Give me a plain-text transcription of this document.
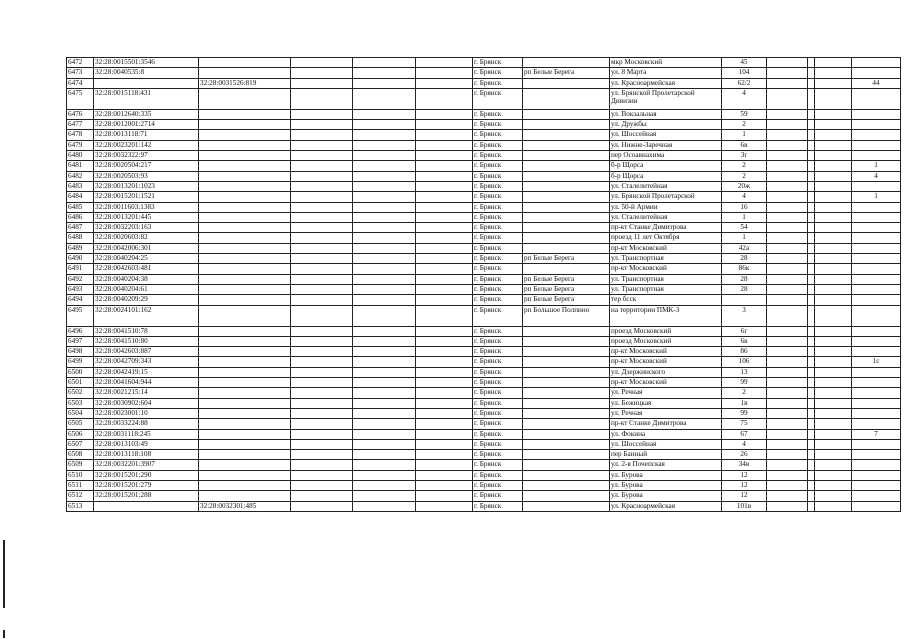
6472	32:28:0015501:3546					г. Брянск		мкр Московский	45				
6473	32:28:0040535:8					г. Брянск	рп Белые Берега	ул. 8 Марта	104				
6474		32:28:0031526:819				г. Брянск		ул. Красноармейская	62/2				44
6475	32:28:0015118:431					г. Брянск		ул. Брянской Пролетарской Дивизии	4				
6476	32:28:0012640:335					г. Брянск		ул. Вокзальная	59				
6477	32:28:0012001:2714					г. Брянск		ул. Дружбы	2				
6478	32:28:0013118:71					г. Брянск		ул. Шоссейная	1				
6479	32:28:0023201:142					г. Брянск		ул. Нижне-Заречная	6в				
6480	32:28:0032322:97					г. Брянск		пер Осоавиахима	3г				
6481	32:28:0020504:217					г. Брянск		б-р Щорса	2				1
6482	32:28:0020503:93					г. Брянск		б-р Щорса	2				4
6483	32:28:0013201:1023					г. Брянск		ул. Сталелитейная	20ж				
6484	32:28:0015201:1521					г. Брянск		ул. Брянской Пролетарской	4				1
6485	32:28:0011603:1383					г. Брянск		ул. 50-й Армии	16				
6486	32:28:0013201:445					г. Брянск		ул. Сталелитейная	1				
6487	32:28:0032203:163					г. Брянск		пр-кт Станке Димитрова	54				
6488	32:28:0020603:82					г. Брянск		проезд 11 лет Октября	1				
6489	32:28:0042006:301					г. Брянск		пр-кт Московский	42а				
6490	32:28:0040204:25					г. Брянск	рп Белые Берега	ул. Транспортная	28				
6491	32:28:0042603:481					г. Брянск		пр-кт Московский	86к				
6492	32:28:0040204:38					г. Брянск	рп Белые Берега	ул. Транспортная	28				
6493	32:28:0040204:61					г. Брянск	рп Белые Берега	ул. Транспортная	28				
6494	32:28:0040209:29					г. Брянск	рп Белые Берега	тер бсск					
6495	32:28:0024101:162					г. Брянск	рп Большое Полпино	на территории ПМК-3	3				
6496	32:28:0041510:78					г. Брянск		проезд Московский	6г				
6497	32:28:0041510:80					г. Брянск		проезд Московский	6в				
6498	32:28:0042603:887					г. Брянск		пр-кт Московский	86				
6499	32:28:0042709:343					г. Брянск		пр-кт Московский	106				1с
6500	32:28:0042419:15					г. Брянск		ул. Дзержинского	13				
6501	32:28:0041604:944					г. Брянск		пр-кт Московский	99				
6502	32:28:0021215:14					г. Брянск		ул. Речная	2				
6503	32:28:0030902:604					г. Брянск		ул. Бежицкая	1в				
6504	32:28:0023001:10					г. Брянск		ул. Речная	99				
6505	32:28:0033224:88					г. Брянск		пр-кт Станке Димитрова	75				
6506	32:28:0031118:245					г. Брянск		ул. Фокина	67				7
6507	32:28:0013103:49					г. Брянск		ул. Шоссейная	4				
6508	32:28:0013118:108					г. Брянск		пер Банный	26				
6509	32:28:0032201:3907					г. Брянск		ул. 2-я Почепская	34в				
6510	32:28:0015201:290					г. Брянск		ул. Бурова	12				
6511	32:28:0015201:279					г. Брянск		ул. Бурова	12				
6512	32:28:0015201:288					г. Брянск		ул. Бурова	12				
6513		32:28:0032301:485				г. Брянск		ул. Красноармейская	101в				
